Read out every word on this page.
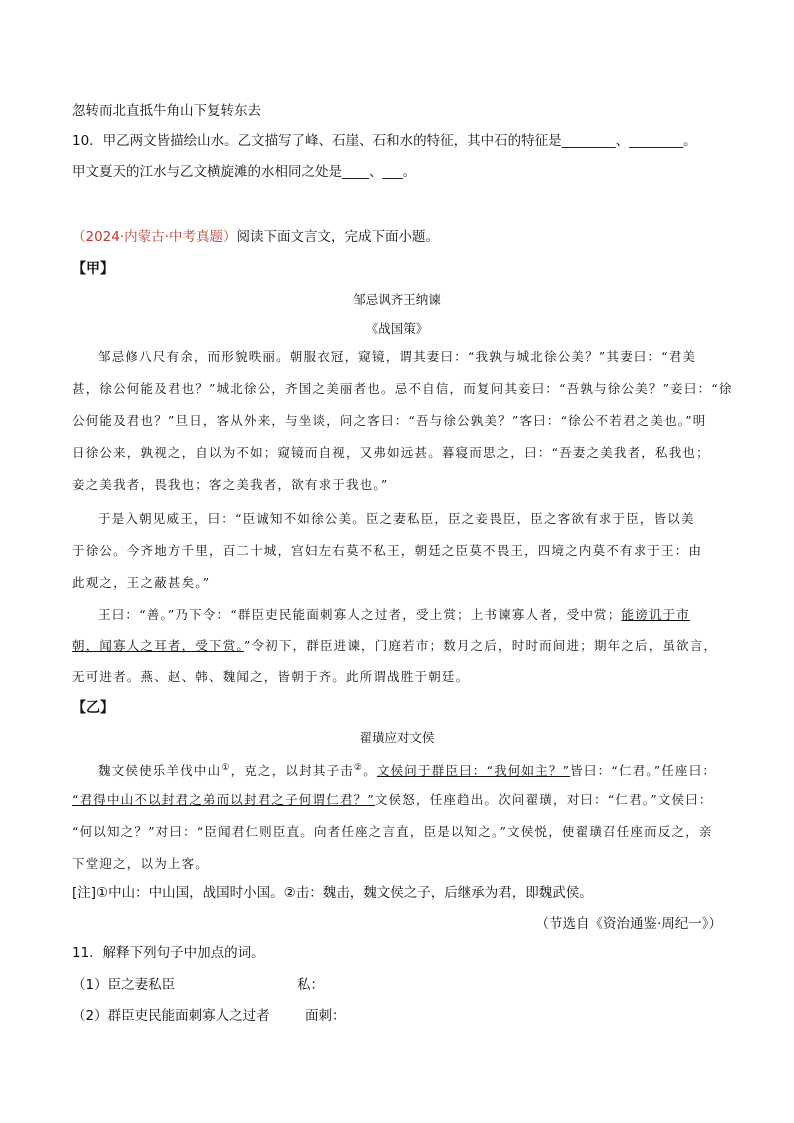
忽转而北直抵牛角山下复转东去
10．甲乙两文皆描绘山水。乙文描写了峰、石崖、石和水的特征，其中石的特征是________、________。
甲文夏天的江水与乙文横旋滩的水相同之处是____、___。
（2024·内蒙古·中考真题）阅读下面文言文，完成下面小题。
【甲】
邹忌讽齐王纳谏
《战国策》
邹忌修八尺有余，而形貌昳丽。朝服衣冠，窥镜，谓其妻曰：“我孰与城北徐公美？”其妻曰：“君美
甚，徐公何能及君也？”城北徐公，齐国之美丽者也。忌不自信，而复问其妾曰：“吾孰与徐公美？”妾曰：“徐
公何能及君也？”旦日，客从外来，与坐谈，问之客曰：“吾与徐公孰美？”客曰：“徐公不若君之美也。”明
日徐公来，孰视之，自以为不如；窥镜而自视，又弗如远甚。暮寝而思之，曰：“吾妻之美我者，私我也；
妾之美我者，畏我也；客之美我者，欲有求于我也。”
于是入朝见威王，曰：“臣诚知不如徐公美。臣之妻私臣，臣之妾畏臣，臣之客欲有求于臣，皆以美
于徐公。今齐地方千里，百二十城，宫妇左右莫不私王，朝廷之臣莫不畏王，四境之内莫不有求于王：由
此观之，王之蔽甚矣。”
王曰：“善。”乃下令：“群臣吏民能面刺寡人之过者，受上赏；上书谏寡人者，受中赏；能谤讥于市
朝，闻寡人之耳者，受下赏。”令初下，群臣进谏，门庭若市；数月之后，时时而间进；期年之后，虽欲言，
无可进者。燕、赵、韩、魏闻之，皆朝于齐。此所谓战胜于朝廷。
【乙】
翟璜应对文侯
魏文侯使乐羊伐中山①，克之，以封其子击②。文侯问于群臣曰：“我何如主？”皆曰：“仁君。”任座曰：
“君得中山不以封君之弟而以封君之子何谓仁君？”文侯怒，任座趋出。次问翟璜，对曰：“仁君。”文侯曰：
“何以知之？”对曰：“臣闻君仁则臣直。向者任座之言直，臣是以知之。”文侯悦，使翟璜召任座而反之，亲
下堂迎之，以为上客。
[注]①中山：中山国，战国时小国。②击：魏击，魏文侯之子，后继承为君，即魏武侯。
（节选自《资治通鉴·周纪一》）
11．解释下列句子中加点的词。
（1）臣之妻私臣	私：
（2）群臣吏民能面刺寡人之过者	面刺：
